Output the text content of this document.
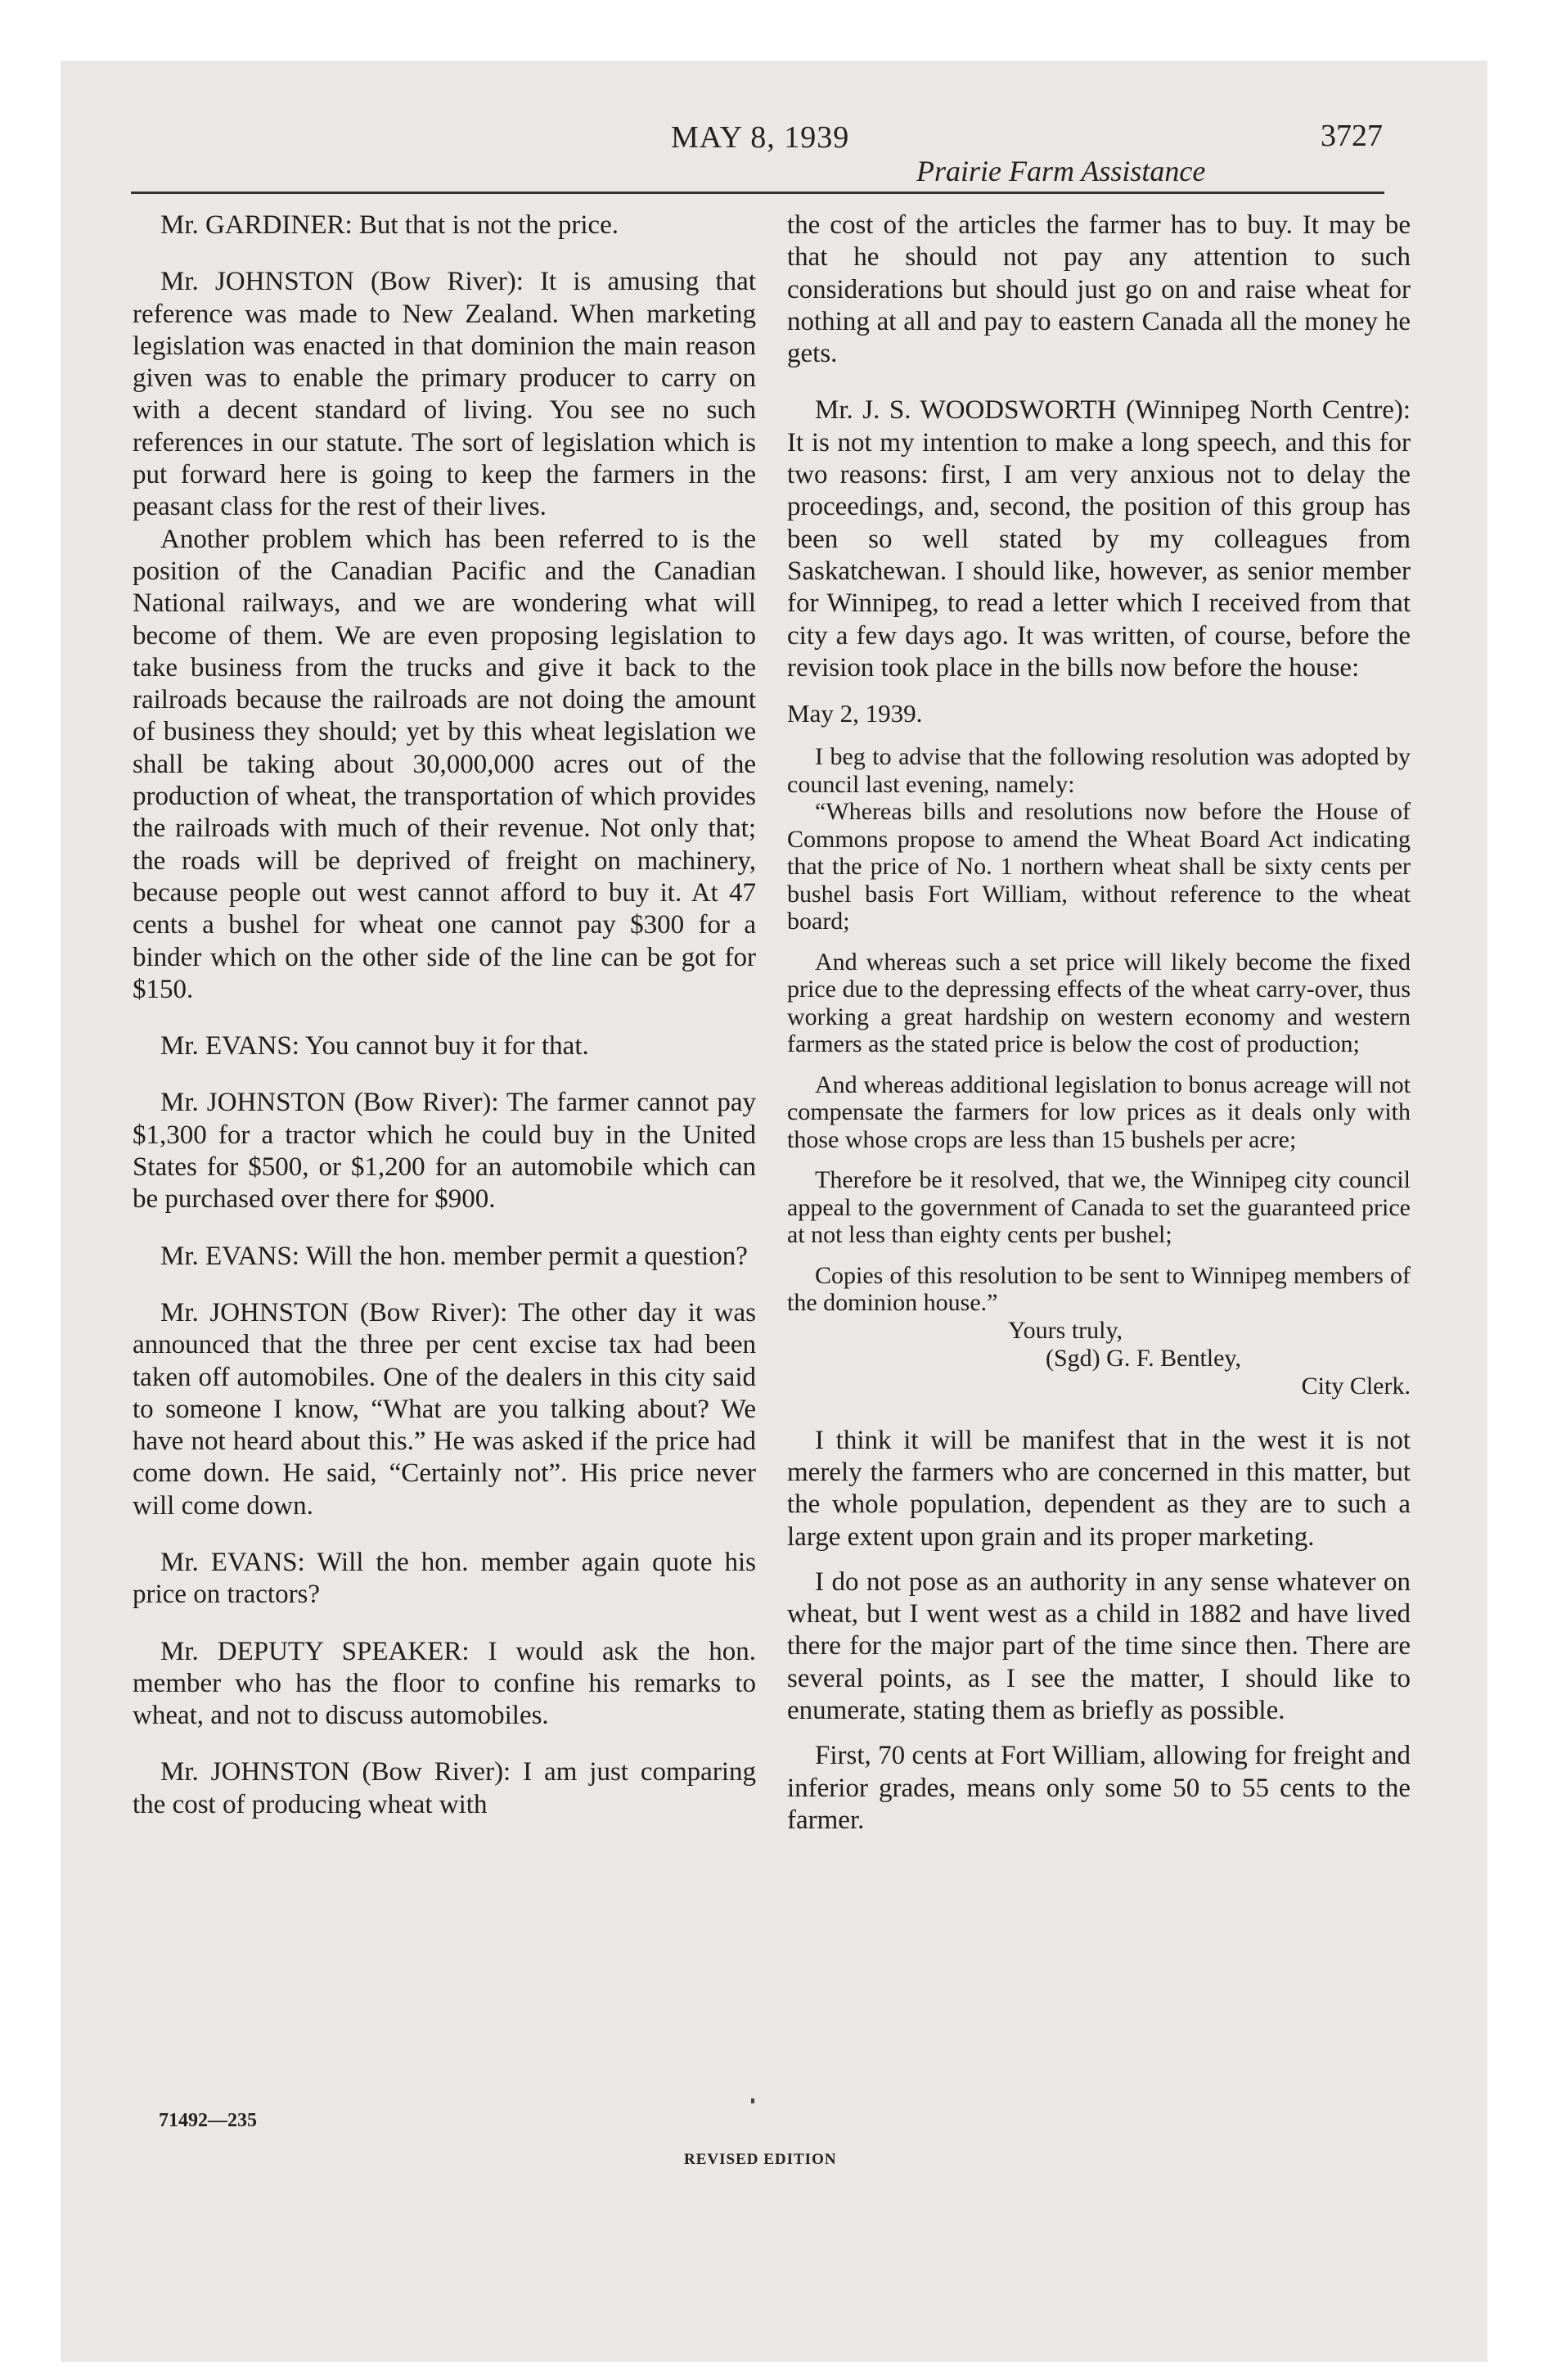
MAY 8, 1939
Prairie Farm Assistance
3727

Mr. GARDINER: But that is not the price.

Mr. JOHNSTON (Bow River): It is amusing that reference was made to New Zealand. When marketing legislation was enacted in that dominion the main reason given was to enable the primary producer to carry on with a decent standard of living. You see no such references in our statute. The sort of legislation which is put forward here is going to keep the farmers in the peasant class for the rest of their lives.

Another problem which has been referred to is the position of the Canadian Pacific and the Canadian National railways, and we are wondering what will become of them. We are even proposing legislation to take business from the trucks and give it back to the railroads because the railroads are not doing the amount of business they should; yet by this wheat legislation we shall be taking about 30,000,000 acres out of the production of wheat, the transportation of which provides the railroads with much of their revenue. Not only that; the roads will be deprived of freight on machinery, because people out west cannot afford to buy it. At 47 cents a bushel for wheat one cannot pay $300 for a binder which on the other side of the line can be got for $150.

Mr. EVANS: You cannot buy it for that.

Mr. JOHNSTON (Bow River): The farmer cannot pay $1,300 for a tractor which he could buy in the United States for $500, or $1,200 for an automobile which can be purchased over there for $900.

Mr. EVANS: Will the hon. member permit a question?

Mr. JOHNSTON (Bow River): The other day it was announced that the three per cent excise tax had been taken off automobiles. One of the dealers in this city said to someone I know, “What are you talking about? We have not heard about this.” He was asked if the price had come down. He said, “Certainly not”. His price never will come down.

Mr. EVANS: Will the hon. member again quote his price on tractors?

Mr. DEPUTY SPEAKER: I would ask the hon. member who has the floor to confine his remarks to wheat, and not to discuss automobiles.

Mr. JOHNSTON (Bow River): I am just comparing the cost of producing wheat with

the cost of the articles the farmer has to buy. It may be that he should not pay any attention to such considerations but should just go on and raise wheat for nothing at all and pay to eastern Canada all the money he gets.

Mr. J. S. WOODSWORTH (Winnipeg North Centre): It is not my intention to make a long speech, and this for two reasons: first, I am very anxious not to delay the proceedings, and, second, the position of this group has been so well stated by my colleagues from Saskatchewan. I should like, however, as senior member for Winnipeg, to read a letter which I received from that city a few days ago. It was written, of course, before the revision took place in the bills now before the house:

May 2, 1939.

I beg to advise that the following resolution was adopted by council last evening, namely:

“Whereas bills and resolutions now before the House of Commons propose to amend the Wheat Board Act indicating that the price of No. 1 northern wheat shall be sixty cents per bushel basis Fort William, without reference to the wheat board;

And whereas such a set price will likely become the fixed price due to the depressing effects of the wheat carry-over, thus working a great hardship on western economy and western farmers as the stated price is below the cost of production;

And whereas additional legislation to bonus acreage will not compensate the farmers for low prices as it deals only with those whose crops are less than 15 bushels per acre;

Therefore be it resolved, that we, the Winnipeg city council appeal to the government of Canada to set the guaranteed price at not less than eighty cents per bushel;

Copies of this resolution to be sent to Winnipeg members of the dominion house.”

Yours truly,
(Sgd) G. F. Bentley,
City Clerk.

I think it will be manifest that in the west it is not merely the farmers who are concerned in this matter, but the whole population, dependent as they are to such a large extent upon grain and its proper marketing.

I do not pose as an authority in any sense whatever on wheat, but I went west as a child in 1882 and have lived there for the major part of the time since then. There are several points, as I see the matter, I should like to enumerate, stating them as briefly as possible.

First, 70 cents at Fort William, allowing for freight and inferior grades, means only some 50 to 55 cents to the farmer.

71492—235
REVISED EDITION
